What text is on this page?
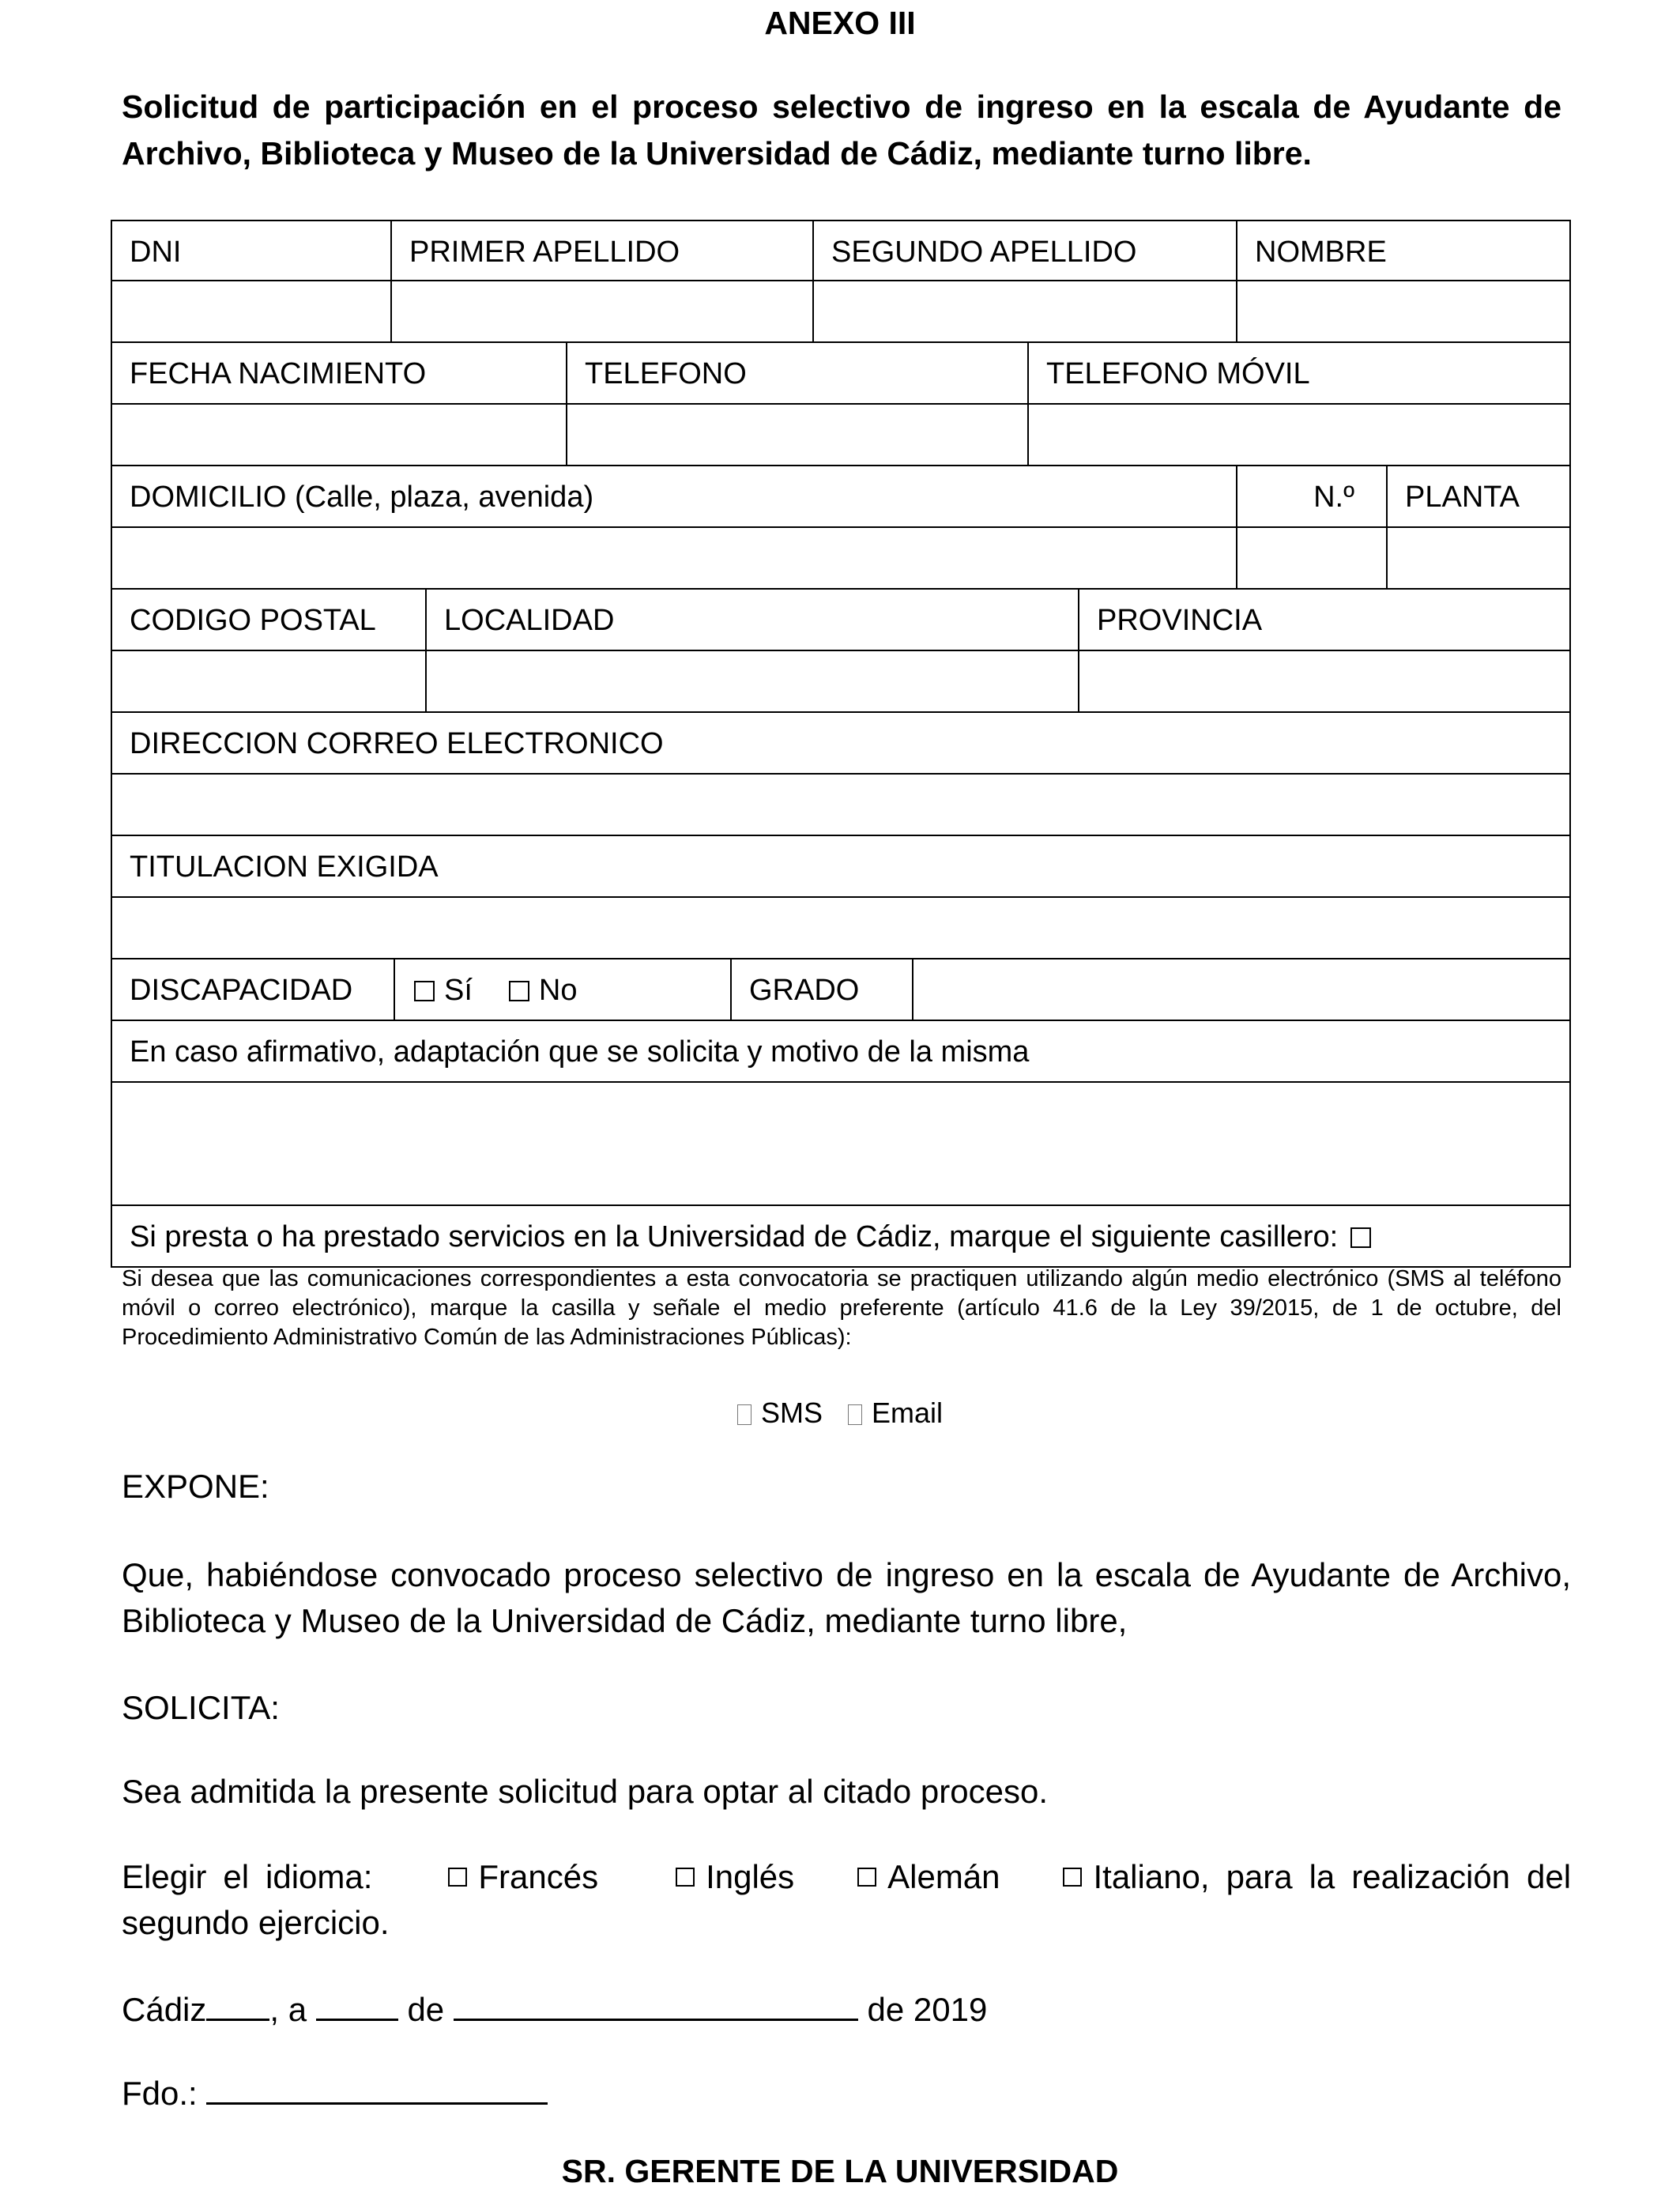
ANEXO III
Solicitud de participación en el proceso selectivo de ingreso en la escala de Ayudante de Archivo, Biblioteca y Museo de la Universidad de Cádiz, mediante turno libre.
DNI	PRIMER APELLIDO	SEGUNDO APELLIDO	NOMBRE
FECHA NACIMIENTO	TELEFONO	TELEFONO MÓVIL
DOMICILIO (Calle, plaza, avenida)	N.º	PLANTA
CODIGO POSTAL	LOCALIDAD	PROVINCIA
DIRECCION CORREO ELECTRONICO
TITULACION EXIGIDA
DISCAPACIDAD	Sí No	GRADO
En caso afirmativo, adaptación que se solicita y motivo de la misma
Si presta o ha prestado servicios en la Universidad de Cádiz, marque el siguiente casillero:
Si desea que las comunicaciones correspondientes a esta convocatoria se practiquen utilizando algún medio electrónico (SMS al teléfono móvil o correo electrónico), marque la casilla y señale el medio preferente (artículo 41.6 de la Ley 39/2015, de 1 de octubre, del Procedimiento Administrativo Común de las Administraciones Públicas):
SMS Email
EXPONE:
Que, habiéndose convocado proceso selectivo de ingreso en la escala de Ayudante de Archivo, Biblioteca y Museo de la Universidad de Cádiz, mediante turno libre,
SOLICITA:
Sea admitida la presente solicitud para optar al citado proceso.
Elegir el idioma:	Francés	Inglés	Alemán	Italiano, para la realización del segundo ejercicio.
Cádiz , a	de	de 2019
Fdo.:
SR. GERENTE DE LA UNIVERSIDAD
